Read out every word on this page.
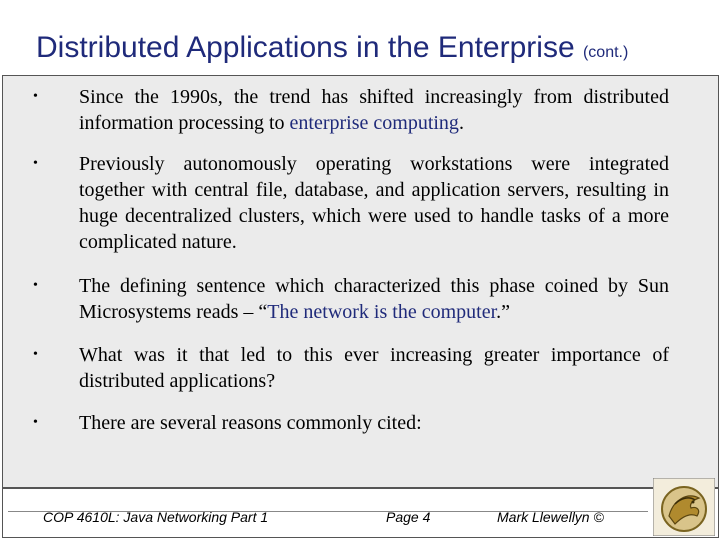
Distributed Applications in the Enterprise (cont.)
• Since the 1990s, the trend has shifted increasingly from distributed information processing to enterprise computing.
• Previously autonomously operating workstations were integrated together with central file, database, and application servers, resulting in huge decentralized clusters, which were used to handle tasks of a more complicated nature.
• The defining sentence which characterized this phase coined by Sun Microsystems reads – “The network is the computer.”
• What was it that led to this ever increasing greater importance of distributed applications?
• There are several reasons commonly cited:
COP 4610L: Java Networking Part 1	Page 4	Mark Llewellyn ©
